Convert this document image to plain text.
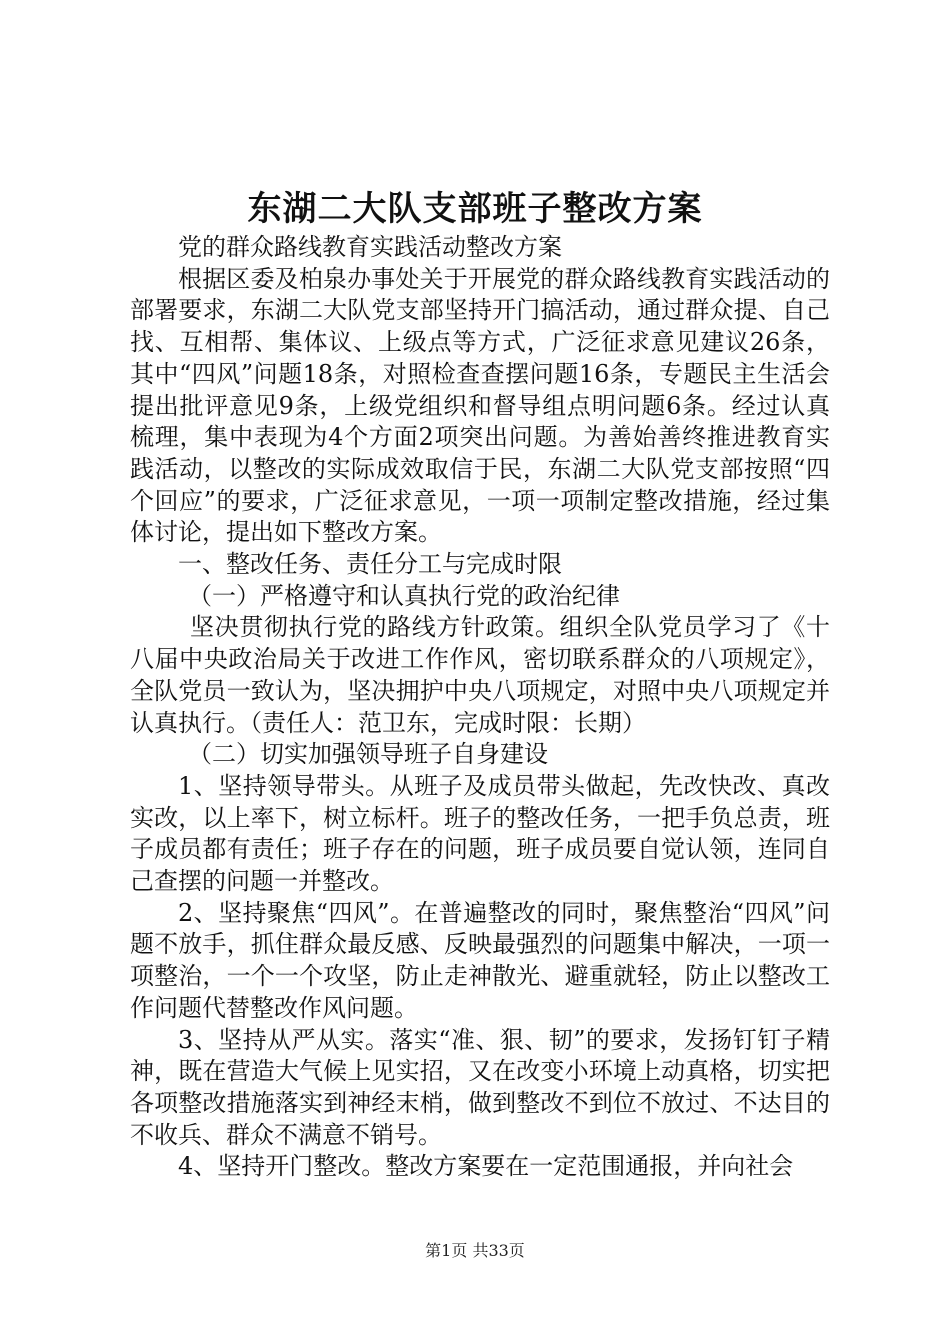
东湖二大队支部班子整改方案

党的群众路线教育实践活动整改方案

根据区委及柏泉办事处关于开展党的群众路线教育实践活动的部署要求，东湖二大队党支部坚持开门搞活动，通过群众提、自己找、互相帮、集体议、上级点等方式，广泛征求意见建议26条，其中“四风”问题18条，对照检查查摆问题16条，专题民主生活会提出批评意见9条，上级党组织和督导组点明问题6条。经过认真梳理，集中表现为4个方面2项突出问题。为善始善终推进教育实践活动，以整改的实际成效取信于民，东湖二大队党支部按照“四个回应”的要求，广泛征求意见，一项一项制定整改措施，经过集体讨论，提出如下整改方案。

一、整改任务、责任分工与完成时限

（一）严格遵守和认真执行党的政治纪律

坚决贯彻执行党的路线方针政策。组织全队党员学习了《十八届中央政治局关于改进工作作风，密切联系群众的八项规定》，全队党员一致认为，坚决拥护中央八项规定，对照中央八项规定并认真执行。（责任人：范卫东，完成时限：长期）

（二）切实加强领导班子自身建设

1、坚持领导带头。从班子及成员带头做起，先改快改、真改实改，以上率下，树立标杆。班子的整改任务，一把手负总责，班子成员都有责任；班子存在的问题，班子成员要自觉认领，连同自己查摆的问题一并整改。

2、坚持聚焦“四风”。在普遍整改的同时，聚焦整治“四风”问题不放手，抓住群众最反感、反映最强烈的问题集中解决，一项一项整治，一个一个攻坚，防止走神散光、避重就轻，防止以整改工作问题代替整改作风问题。

3、坚持从严从实。落实“准、狠、韧”的要求，发扬钉钉子精神，既在营造大气候上见实招，又在改变小环境上动真格，切实把各项整改措施落实到神经末梢，做到整改不到位不放过、不达目的不收兵、群众不满意不销号。

4、坚持开门整改。整改方案要在一定范围通报，并向社会

第1页 共33页
